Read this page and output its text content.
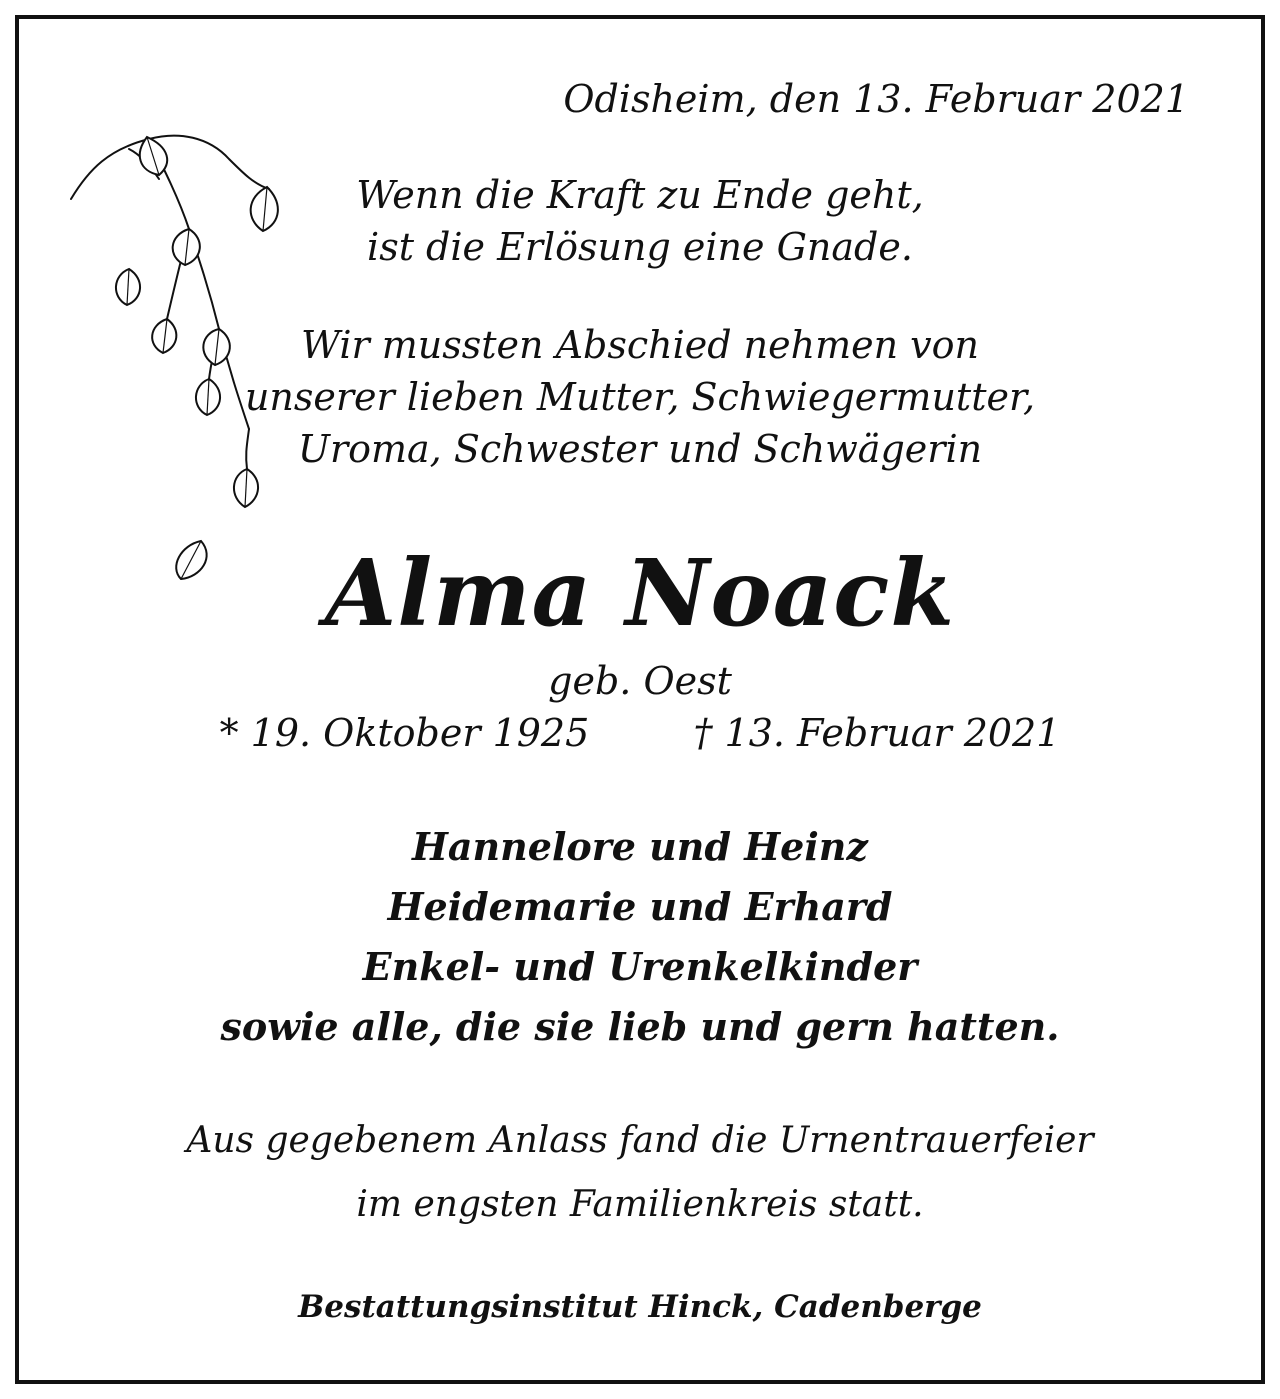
Odisheim, den 13. Februar 2021

Wenn die Kraft zu Ende geht,

ist die Erlösung eine Gnade.

Wir mussten Abschied nehmen von

unserer lieben Mutter, Schwiegermutter,

Uroma, Schwester und Schwägerin

Alma Noack

geb. Oest

* 19. Oktober 1925	† 13. Februar 2021

Hannelore und Heinz

Heidemarie und Erhard

Enkel- und Urenkelkinder

sowie alle, die sie lieb und gern hatten.

Aus gegebenem Anlass fand die Urnentrauerfeier

im engsten Familienkreis statt.

Bestattungsinstitut Hinck, Cadenberge
